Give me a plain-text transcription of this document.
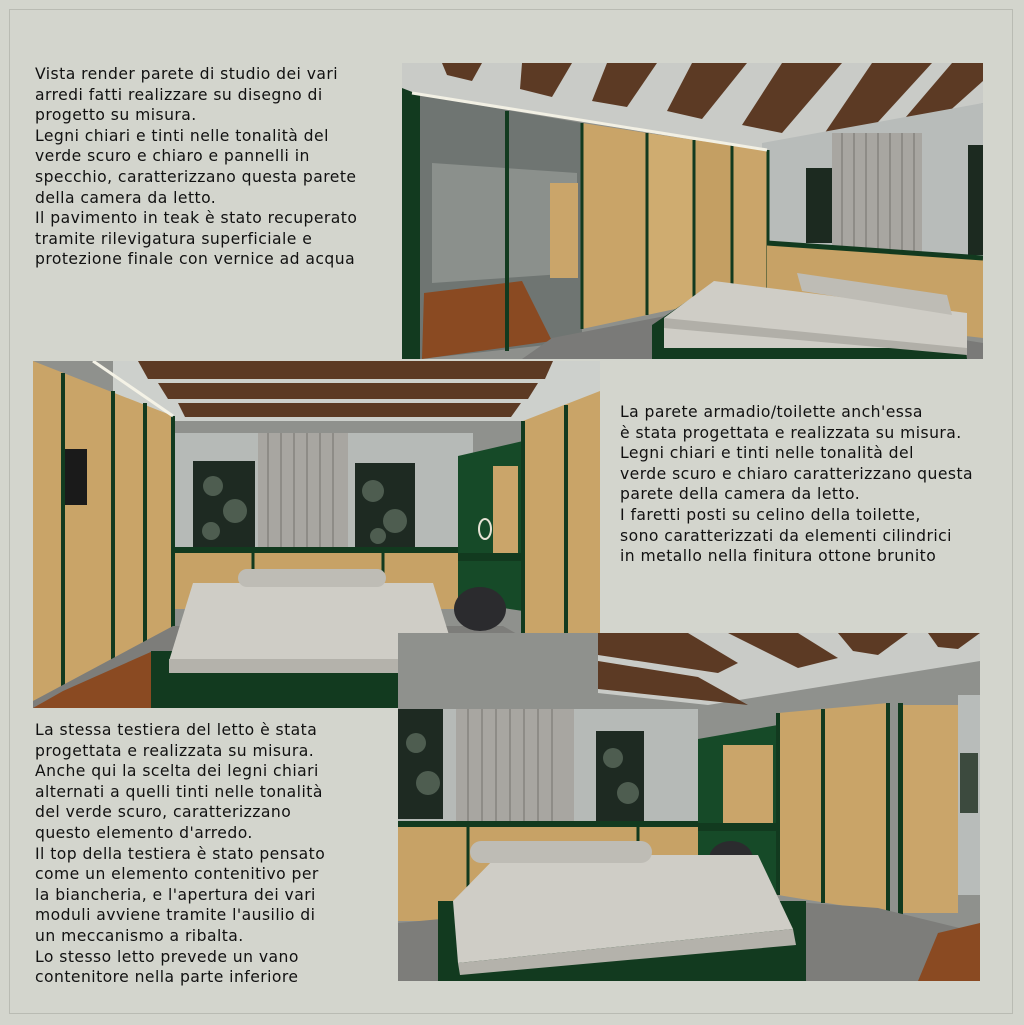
Vista render parete di studio dei vari
arredi fatti realizzare su disegno di
progetto su misura.
Legni chiari e tinti nelle tonalità del
verde scuro e chiaro e pannelli in
specchio, caratterizzano questa parete
della camera da letto.
Il pavimento in teak è stato recuperato
tramite rilevigatura superficiale e
protezione finale con vernice ad acqua
La parete armadio/toilette anch'essa
è stata progettata e realizzata su misura.
Legni chiari e tinti nelle tonalità del
verde scuro e chiaro caratterizzano questa
parete della camera da letto.
I faretti posti su celino della toilette,
sono caratterizzati da elementi cilindrici
in metallo nella finitura ottone brunito
La stessa testiera del letto è stata
progettata e realizzata su misura.
Anche qui la scelta dei legni chiari
alternati a quelli tinti nelle tonalità
del verde scuro, caratterizzano
questo elemento d'arredo.
Il top della testiera è stato pensato
come un elemento contenitivo per
la biancheria, e l'apertura dei vari
moduli avviene tramite l'ausilio di
un meccanismo a ribalta.
Lo stesso letto prevede un vano
contenitore nella parte inferiore
